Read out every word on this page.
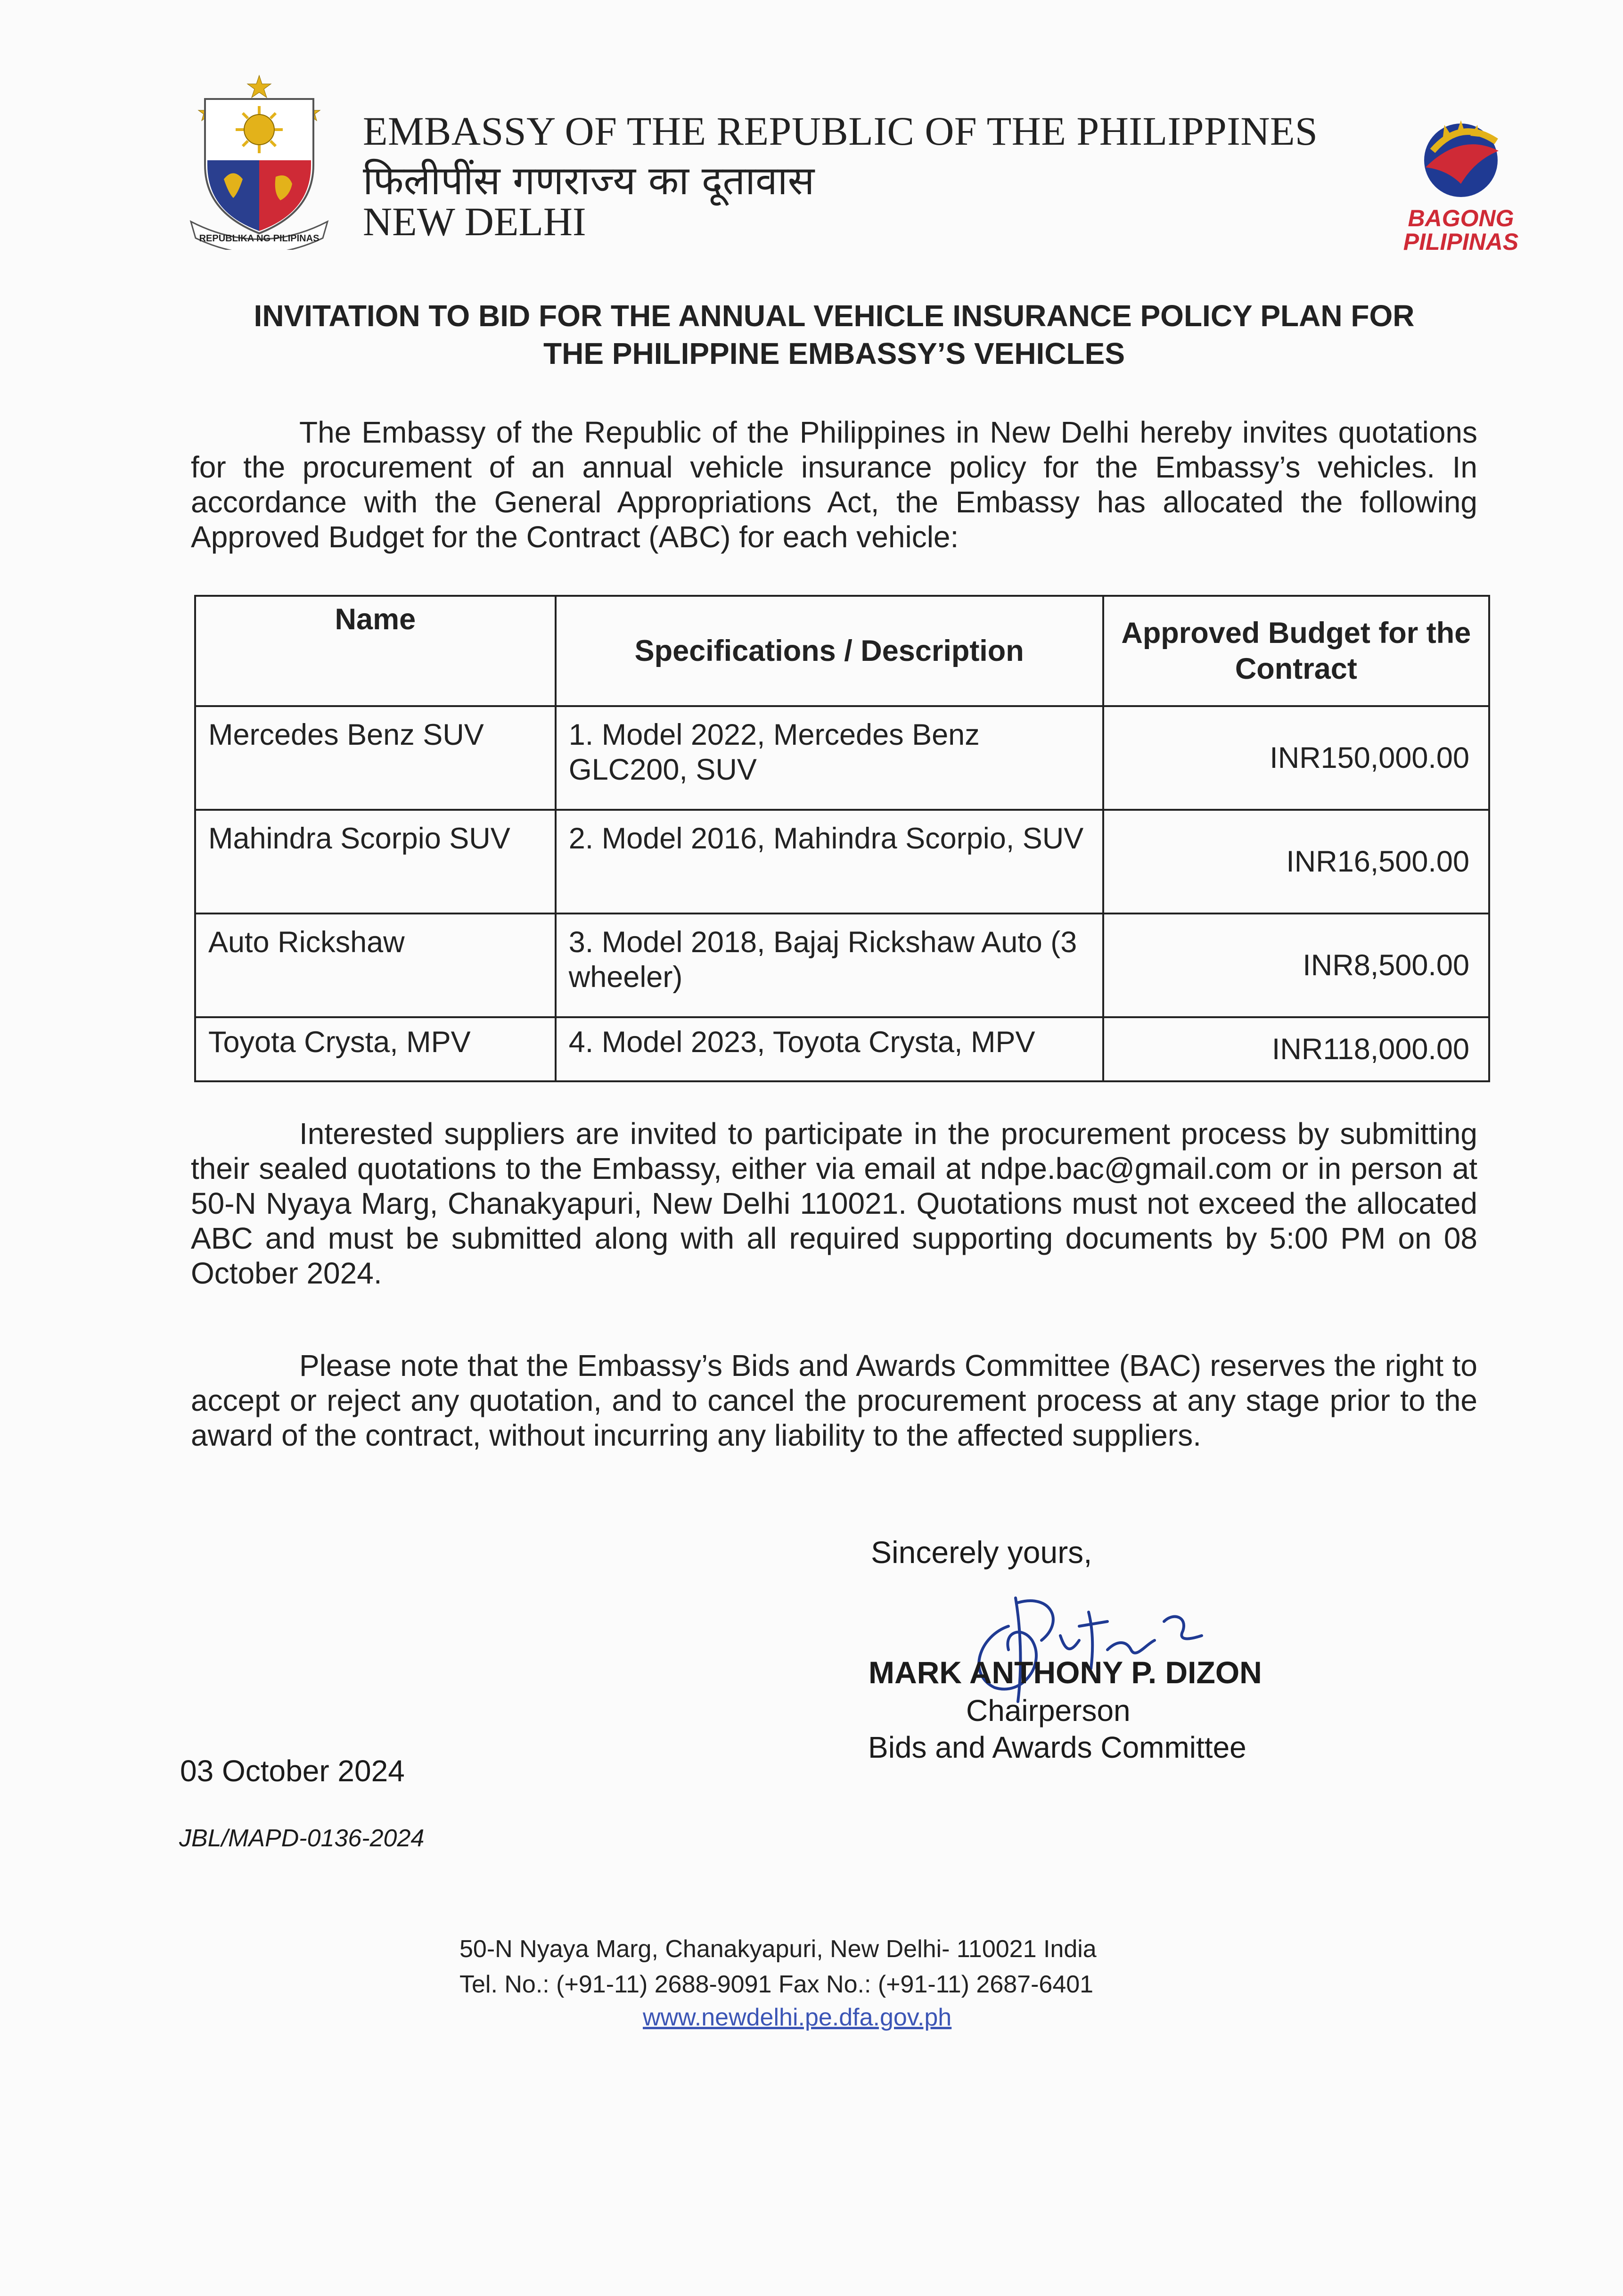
REPUBLIKA NG PILIPINAS
EMBASSY OF THE REPUBLIC OF THE PHILIPPINES
फिलीपींस गणराज्य का दूतावास
NEW DELHI	BAGONG
PILIPINAS
INVITATION TO BID FOR THE ANNUAL VEHICLE INSURANCE POLICY PLAN FOR
THE PHILIPPINE EMBASSY’S VEHICLES

The Embassy of the Republic of the Philippines in New Delhi hereby invites quotations for the procurement of an annual vehicle insurance policy for the Embassy’s vehicles. In accordance with the General Appropriations Act, the Embassy has allocated the following Approved Budget for the Contract (ABC) for each vehicle:

Name	Specifications / Description	Approved Budget for the Contract
Mercedes Benz SUV	1. Model 2022, Mercedes Benz GLC200, SUV	INR150,000.00
Mahindra Scorpio SUV	2. Model 2016, Mahindra Scorpio, SUV	INR16,500.00
Auto Rickshaw	3. Model 2018, Bajaj Rickshaw Auto (3 wheeler)	INR8,500.00
Toyota Crysta, MPV	4. Model 2023, Toyota Crysta, MPV	INR118,000.00

Interested suppliers are invited to participate in the procurement process by submitting their sealed quotations to the Embassy, either via email at ndpe.bac@gmail.com or in person at 50-N Nyaya Marg, Chanakyapuri, New Delhi 110021. Quotations must not exceed the allocated ABC and must be submitted along with all required supporting documents by 5:00 PM on 08 October 2024.

Please note that the Embassy’s Bids and Awards Committee (BAC) reserves the right to accept or reject any quotation, and to cancel the procurement process at any stage prior to the award of the contract, without incurring any liability to the affected suppliers.

Sincerely yours,
MARK ANTHONY P. DIZON
Chairperson
Bids and Awards Committee
03 October 2024
JBL/MAPD-0136-2024
50-N Nyaya Marg, Chanakyapuri, New Delhi- 110021 India
Tel. No.: (+91-11) 2688-9091 Fax No.: (+91-11) 2687-6401
www.newdelhi.pe.dfa.gov.ph
